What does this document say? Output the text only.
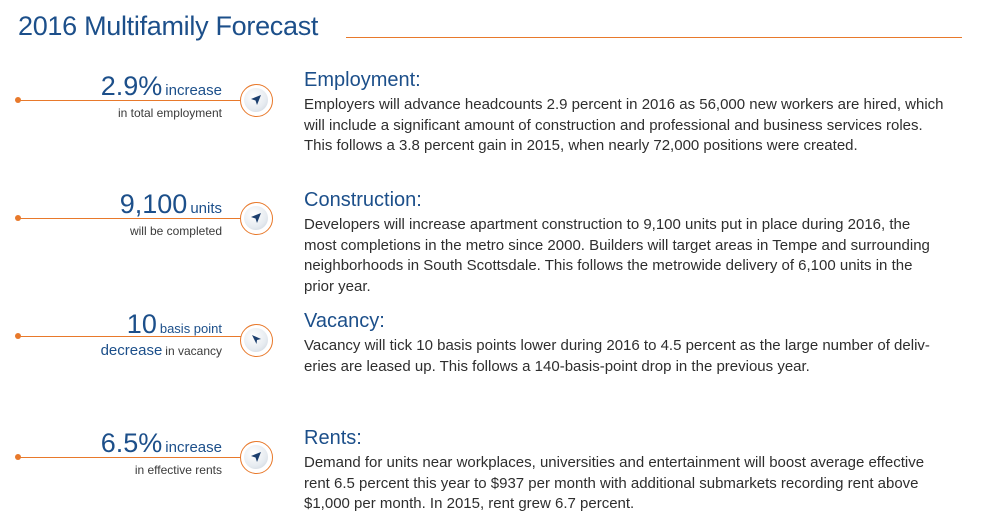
2016 Multifamily Forecast
2.9% increase
in total employment
9,100 units
will be completed
10 basis point
decrease in vacancy
6.5% increase
in effective rents
Employment:
Employers will advance headcounts 2.9 percent in 2016 as 56,000 new workers are hired, which
will include a significant amount of construction and professional and business services roles.
This follows a 3.8 percent gain in 2015, when nearly 72,000 positions were created.
Construction:
Developers will increase apartment construction to 9,100 units put in place during 2016, the
most completions in the metro since 2000. Builders will target areas in Tempe and surrounding
neighborhoods in South Scottsdale. This follows the metrowide delivery of 6,100 units in the
prior year.
Vacancy:
Vacancy will tick 10 basis points lower during 2016 to 4.5 percent as the large number of deliv-
eries are leased up. This follows a 140-basis-point drop in the previous year.
Rents:
Demand for units near workplaces, universities and entertainment will boost average effective
rent 6.5 percent this year to $937 per month with additional submarkets recording rent above
$1,000 per month. In 2015, rent grew 6.7 percent.
